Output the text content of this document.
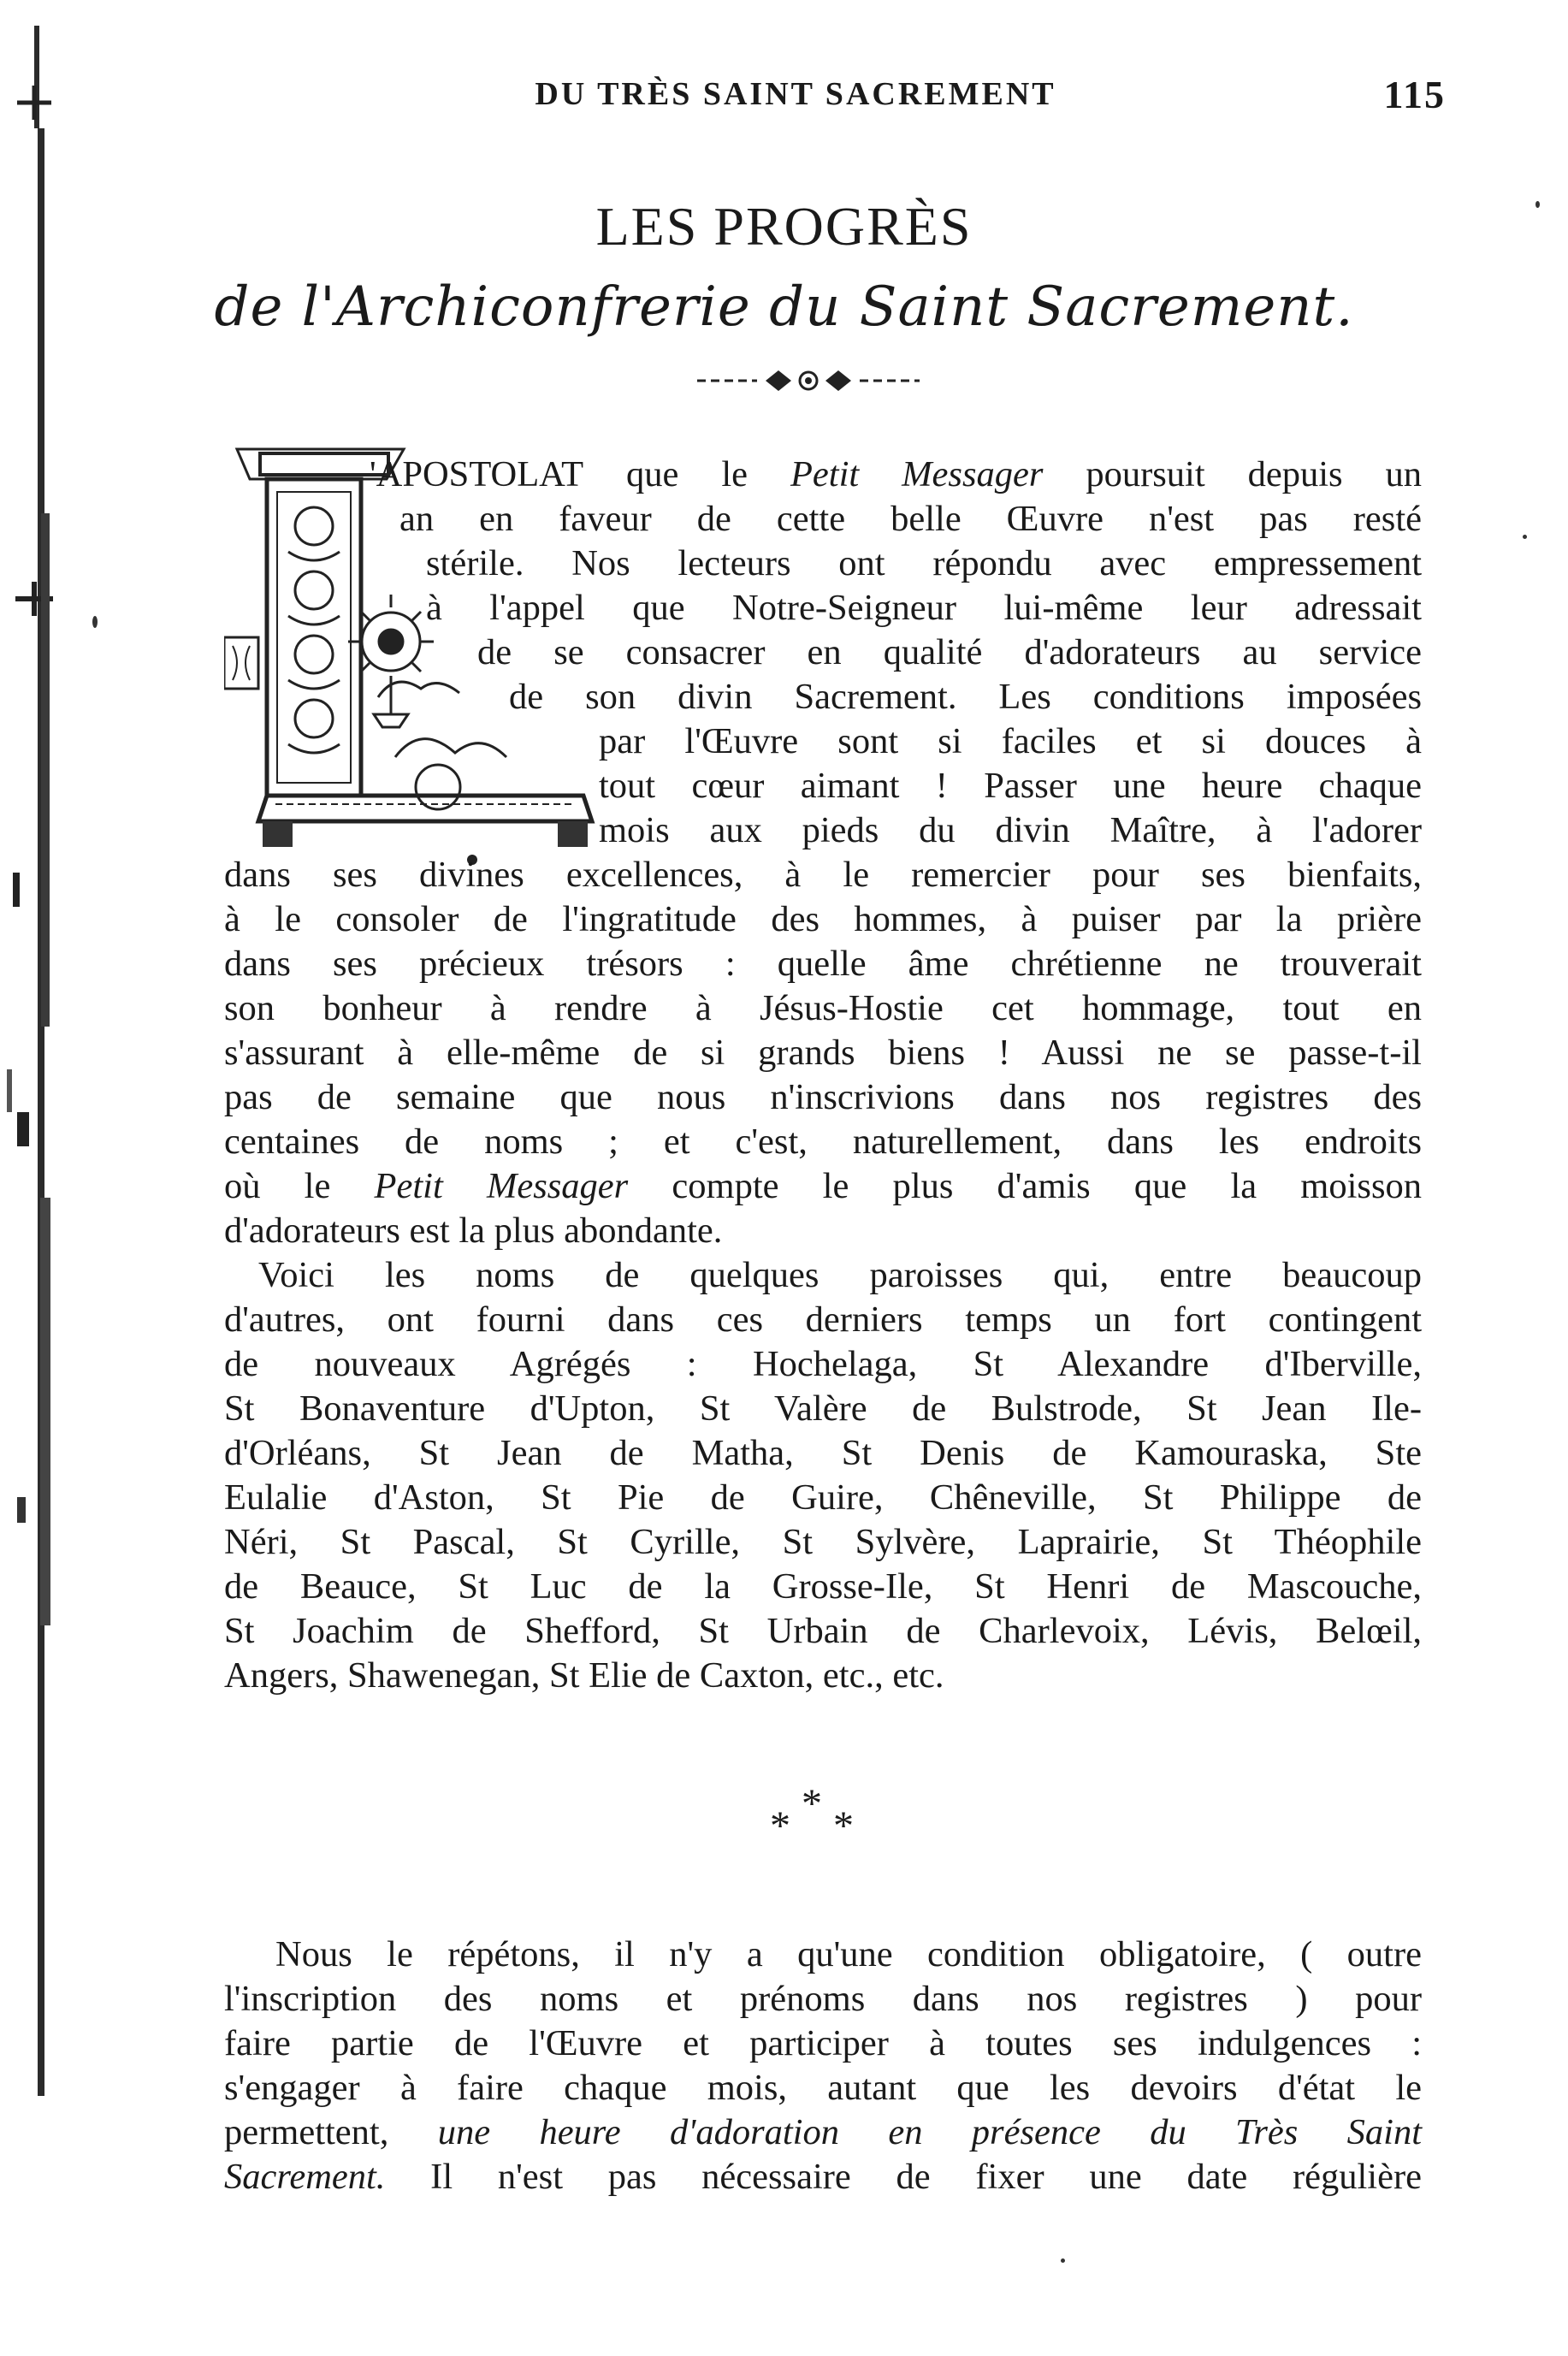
DU TRÈS SAINT SACREMENT	115
LES PROGRÈS
de l'Archiconfrerie du Saint Sacrement.
'APOSTOLAT que le Petit Messager poursuit depuis un
an en faveur de cette belle Œuvre n'est pas resté
stérile. Nos lecteurs ont répondu avec empressement
à l'appel que Notre-Seigneur lui-même leur adressait
de se consacrer en qualité d'adorateurs au service
de son divin Sacrement. Les conditions imposées
par l'Œuvre sont si faciles et si douces à
tout cœur aimant ! Passer une heure chaque
mois aux pieds du divin Maître, à l'adorer
dans ses divines excellences, à le remercier pour ses bienfaits,
à le consoler de l'ingratitude des hommes, à puiser par la prière
dans ses précieux trésors : quelle âme chrétienne ne trouverait
son bonheur à rendre à Jésus-Hostie cet hommage, tout en
s'assurant à elle-même de si grands biens ! Aussi ne se passe-t-il
pas de semaine que nous n'inscrivions dans nos registres des
centaines de noms ; et c'est, naturellement, dans les endroits
où le Petit Messager compte le plus d'amis que la moisson
d'adorateurs est la plus abondante.
Voici les noms de quelques paroisses qui, entre beaucoup
d'autres, ont fourni dans ces derniers temps un fort contingent
de nouveaux Agrégés : Hochelaga, St Alexandre d'Iberville,
St Bonaventure d'Upton, St Valère de Bulstrode, St Jean Ile-
d'Orléans, St Jean de Matha, St Denis de Kamouraska, Ste
Eulalie d'Aston, St Pie de Guire, Chêneville, St Philippe de
Néri, St Pascal, St Cyrille, St Sylvère, Laprairie, St Théophile
de Beauce, St Luc de la Grosse-Ile, St Henri de Mascouche,
St Joachim de Shefford, St Urbain de Charlevoix, Lévis, Belœil,
Angers, Shawenegan, St Elie de Caxton, etc., etc.
*
* *
Nous le répétons, il n'y a qu'une condition obligatoire, ( outre
l'inscription des noms et prénoms dans nos registres ) pour
faire partie de l'Œuvre et participer à toutes ses indulgences :
s'engager à faire chaque mois, autant que les devoirs d'état le
permettent, une heure d'adoration en présence du Très Saint
Sacrement. Il n'est pas nécessaire de fixer une date régulière
